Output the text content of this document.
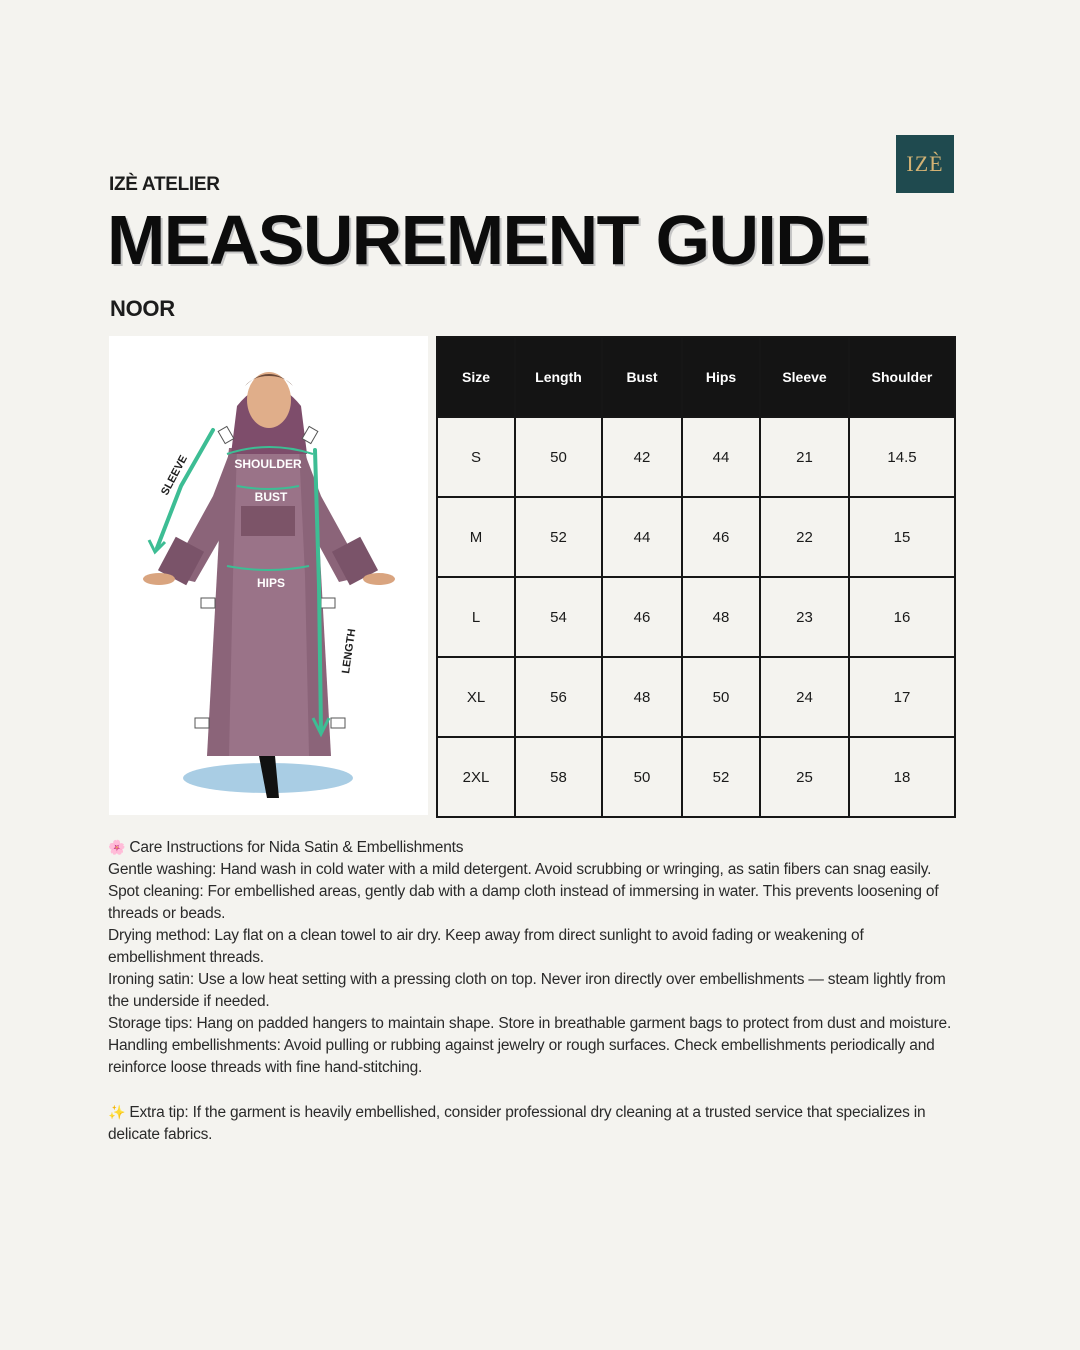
IZÈ ATELIER
IZÈ
MEASUREMENT GUIDE
NOOR
SHOULDER
BUST
HIPS
SLEEVE
LENGTH
Size	Length	Bust	Hips	Sleeve	Shoulder
S	50	42	44	21	14.5
M	52	44	46	22	15
L	54	46	48	23	16
XL	56	48	50	24	17
2XL	58	50	52	25	18

🌸 Care Instructions for Nida Satin & Embellishments

Gentle washing: Hand wash in cold water with a mild detergent. Avoid scrubbing or wringing, as satin fibers can snag easily.

Spot cleaning: For embellished areas, gently dab with a damp cloth instead of immersing in water. This prevents loosening of threads or beads.

Drying method: Lay flat on a clean towel to air dry. Keep away from direct sunlight to avoid fading or weakening of embellishment threads.

Ironing satin: Use a low heat setting with a pressing cloth on top. Never iron directly over embellishments — steam lightly from the underside if needed.

Storage tips: Hang on padded hangers to maintain shape. Store in breathable garment bags to protect from dust and moisture.

Handling embellishments: Avoid pulling or rubbing against jewelry or rough surfaces. Check embellishments periodically and reinforce loose threads with fine hand-stitching.

✨ Extra tip: If the garment is heavily embellished, consider professional dry cleaning at a trusted service that specializes in delicate fabrics.
